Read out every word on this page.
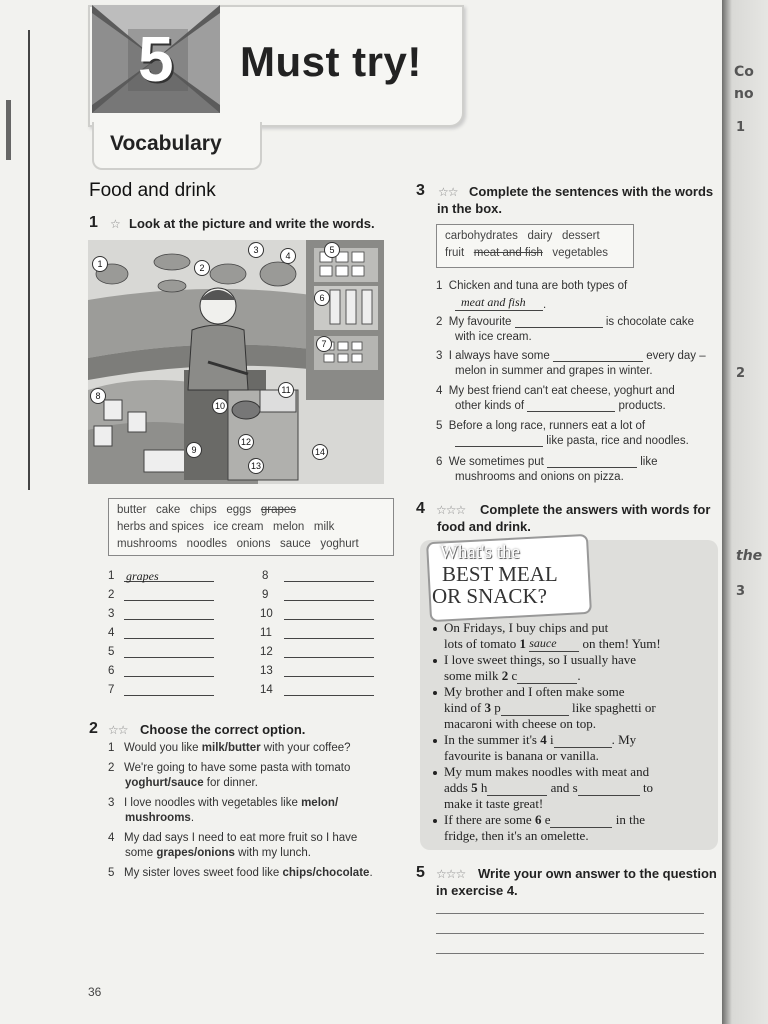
5 Must try!
Vocabulary
Food and drink
1 ☆ Look at the picture and write the words.
1	2
3
4
5
6
7
8
9
10
11
12
13
14
butter cake chips eggs grapes
herbs and spices ice cream melon milk
mushrooms noodles onions sauce yoghurt
1 grapes
2
3
4
5
6
7
8
9
10
11
12
13
14
2 ☆☆ Choose the correct option.
1 Would you like milk/butter with your coffee?
2 We're going to have some pasta with tomato
yoghurt/sauce for dinner.
3 I love noodles with vegetables like melon/
mushrooms.
4 My dad says I need to eat more fruit so I have
some grapes/onions with my lunch.
5 My sister loves sweet food like chips/chocolate.
36
3 ☆☆ Complete the sentences with the words
in the box.
carbohydrates dairy dessert
fruit meat and fish vegetables
1 Chicken and tuna are both types of
meat and fish .
2 My favourite	is chocolate cake
with ice cream.
3 I always have some	every day –
melon in summer and grapes in winter.
4 My best friend can't eat cheese, yoghurt and
other kinds of	products.
5 Before a long race, runners eat a lot of
like pasta, rice and noodles.
6 We sometimes put	like
mushrooms and onions on pizza.
4 ☆☆☆ Complete the answers with words for
food and drink.
What's the
BEST MEAL
OR SNACK?
On Fridays, I buy chips and put
lots of tomato 1 sauce on them! Yum!
I love sweet things, so I usually have
some milk 2 c	.
My brother and I often make some
kind of 3 p	like spaghetti or
macaroni with cheese on top.
In the summer it's 4 i	. My
favourite is banana or vanilla.
My mum makes noodles with meat and
adds 5 h	and s	to
make it taste great!
If there are some 6 e	in the
fridge, then it's an omelette.
5 ☆☆☆ Write your own answer to the question
in exercise 4.
Co
no
1
2
the
3
